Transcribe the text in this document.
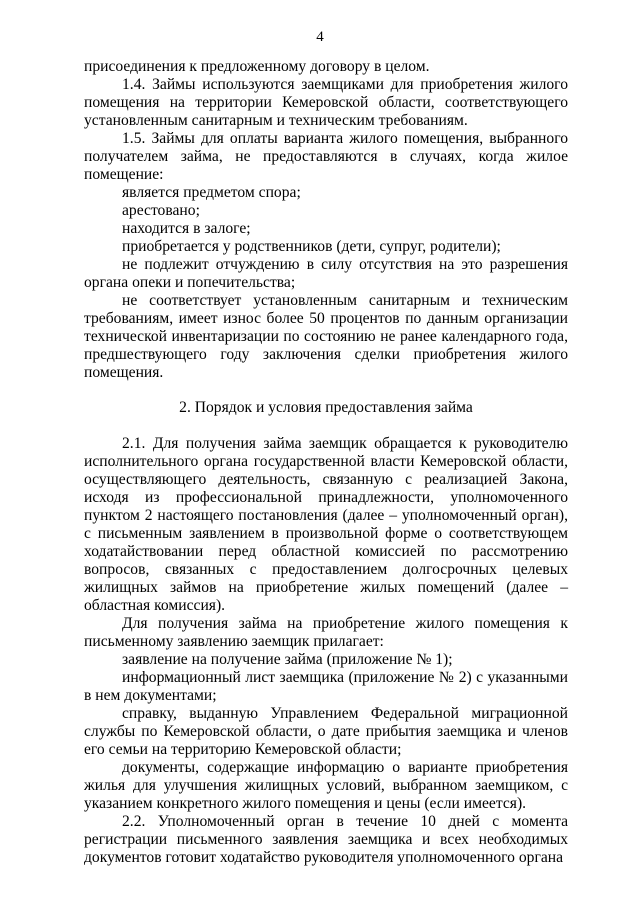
4

присоединения к предложенному договору в целом.

1.4. Займы используются заемщиками для приобретения жилого помещения на территории Кемеровской области, соответствующего установленным санитарным и техническим требованиям.

1.5. Займы для оплаты варианта жилого помещения, выбранного получателем займа, не предоставляются в случаях, когда жилое помещение:

является предметом спора;

арестовано;

находится в залоге;

приобретается у родственников (дети, супруг, родители);

не подлежит отчуждению в силу отсутствия на это разрешения органа опеки и попечительства;

не соответствует установленным санитарным и техническим требованиям, имеет износ более 50 процентов по данным организации технической инвентаризации по состоянию не ранее календарного года, предшествующего году заключения сделки приобретения жилого помещения.

2. Порядок и условия предоставления займа

2.1. Для получения займа заемщик обращается к руководителю исполнительного органа государственной власти Кемеровской области, осуществляющего деятельность, связанную с реализацией Закона, исходя из профессиональной принадлежности, уполномоченного пунктом 2 настоящего постановления (далее – уполномоченный орган), с письменным заявлением в произвольной форме о соответствующем ходатайствовании перед областной комиссией по рассмотрению вопросов, связанных с предоставлением долгосрочных целевых жилищных займов на приобретение жилых помещений (далее – областная комиссия).

Для получения займа на приобретение жилого помещения к письменному заявлению заемщик прилагает:

заявление на получение займа (приложение № 1);

информационный лист заемщика (приложение № 2) с указанными в нем документами;

справку, выданную Управлением Федеральной миграционной службы по Кемеровской области, о дате прибытия заемщика и членов его семьи на территорию Кемеровской области;

документы, содержащие информацию о варианте приобретения жилья для улучшения жилищных условий, выбранном заемщиком, с указанием конкретного жилого помещения и цены (если имеется).

2.2. Уполномоченный орган в течение 10 дней с момента регистрации письменного заявления заемщика и всех необходимых документов готовит ходатайство руководителя уполномоченного органа
